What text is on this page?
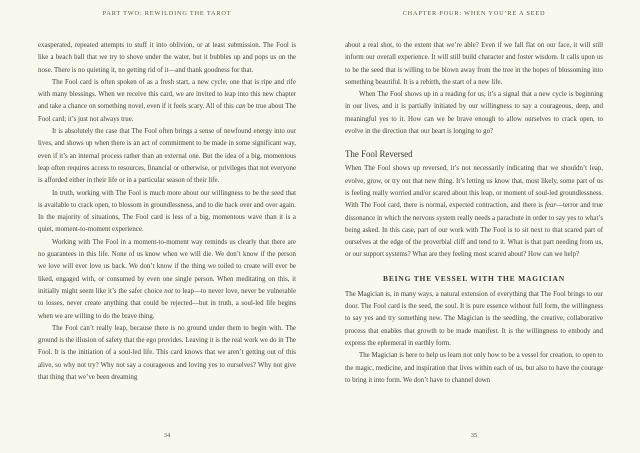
PART TWO: REWILDING THE TAROT

exasperated, repeated attempts to stuff it into oblivion, or at least submission. The Fool is like a beach ball that we try to shove under the water, but it bubbles up and pops us on the nose. There is no quieting it, no getting rid of it—and thank goodness for that.

The Fool card is often spoken of as a fresh start, a new cycle, one that is ripe and rife with many blessings. When we receive this card, we are invited to leap into this new chapter and take a chance on something novel, even if it feels scary. All of this can be true about The Fool card; it’s just not always true.

It is absolutely the case that The Fool often brings a sense of newfound energy into our lives, and shows up when there is an act of commitment to be made in some significant way, even if it’s an internal process rather than an external one. But the idea of a big, momentous leap often requires access to resources, financial or otherwise, or privileges that not everyone is afforded either in their life or in a particular season of their life.

In truth, working with The Fool is much more about our willingness to be the seed that is available to crack open, to blossom in groundlessness, and to die back over and over again. In the majority of situations, The Fool card is less of a big, momentous wave than it is a quiet, moment-to-moment experience.

Working with The Fool in a moment-to-moment way reminds us clearly that there are no guarantees in this life. None of us know when we will die. We don’t know if the person we love will ever love us back. We don’t know if the thing we toiled to create will ever be liked, engaged with, or consumed by even one single person. When meditating on this, it initially might seem like it’s the safer choice not to leap—to never love, never be vulnerable to losses, never create anything that could be rejected—but in truth, a soul-led life begins when we are willing to do the brave thing.

The Fool can’t really leap, because there is no ground under them to begin with. The ground is the illusion of safety that the ego provides. Leaving it is the real work we do in The Fool. It is the initiation of a soul-led life. This card knows that we aren’t getting out of this alive, so why not try? Why not say a courageous and loving yes to ourselves? Why not give that thing that we’ve been dreaming

34
CHAPTER FOUR: WHEN YOU’RE A SEED

about a real shot, to the extent that we’re able? Even if we fall flat on our face, it will still inform our overall experience. It will still build character and foster wisdom. It calls upon us to be the seed that is willing to be blown away from the tree in the hopes of blossoming into something beautiful. It is a rebirth, the start of a new life.

When The Fool shows up in a reading for us, it’s a signal that a new cycle is beginning in our lives, and it is partially initiated by our willingness to say a courageous, deep, and meaningful yes to it. How can we be brave enough to allow ourselves to crack open, to evolve in the direction that our heart is longing to go?

The Fool Reversed

When The Fool shows up reversed, it’s not necessarily indicating that we shouldn’t leap, evolve, grow, or try out that new thing. It’s letting us know that, most likely, some part of us is feeling really worried and/or scared about this leap, or moment of soul-led groundlessness. With The Fool card, there is normal, expected contraction, and there is fear—terror and true dissonance in which the nervous system really needs a parachute in order to say yes to what’s being asked. In this case, part of our work with The Fool is to sit next to that scared part of ourselves at the edge of the proverbial cliff and tend to it. What is that part needing from us, or our support systems? What are they feeling most scared about? How can we help?

BEING THE VESSEL WITH THE MAGICIAN

The Magician is, in many ways, a natural extension of everything that The Fool brings to our door. The Fool card is the seed, the soul. It is pure essence without full form, the willingness to say yes and try something new. The Magician is the seedling, the creative, collaborative process that enables that growth to be made manifest. It is the willingness to embody and express the ephemeral in earthly form.

The Magician is here to help us learn not only how to be a vessel for creation, to open to the magic, medicine, and inspiration that lives within each of us, but also to have the courage to bring it into form. We don’t have to channel down

35
